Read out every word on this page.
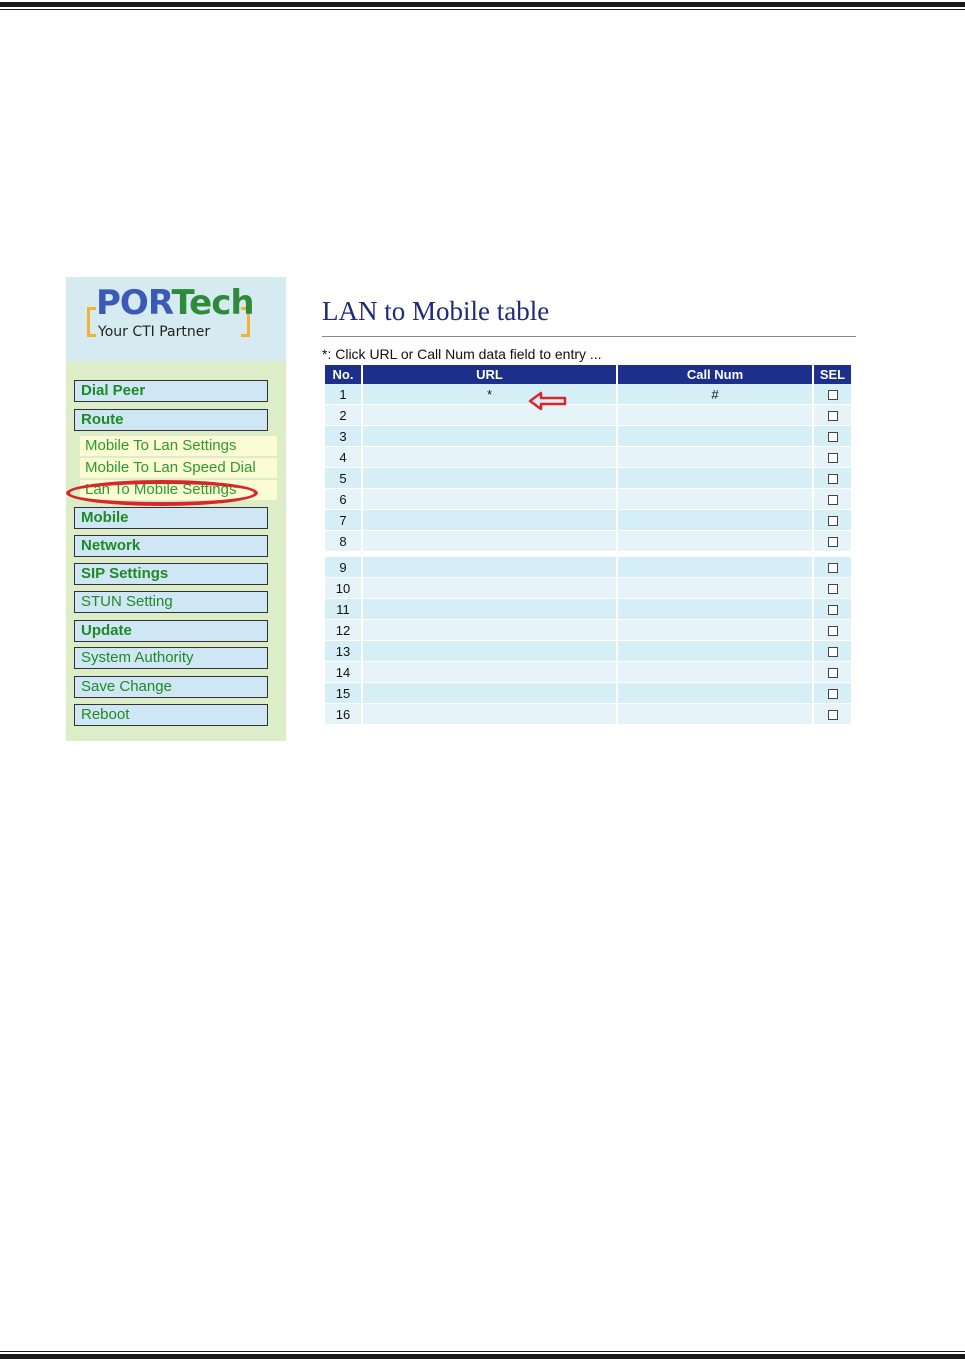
PORTech
Your CTI Partner
Dial Peer
Route
Mobile To Lan Settings
Mobile To Lan Speed Dial
Lan To Mobile Settings
Mobile
Network
SIP Settings
STUN Setting
Update
System Authority
Save Change
Reboot
LAN to Mobile table
*: Click URL or Call Num data field to entry ...
No.	URL	Call Num	SEL
1	*	#	
2			
3			
4			
5			
6			
7			
8			
9			
10			
11			
12			
13			
14			
15			
16			
